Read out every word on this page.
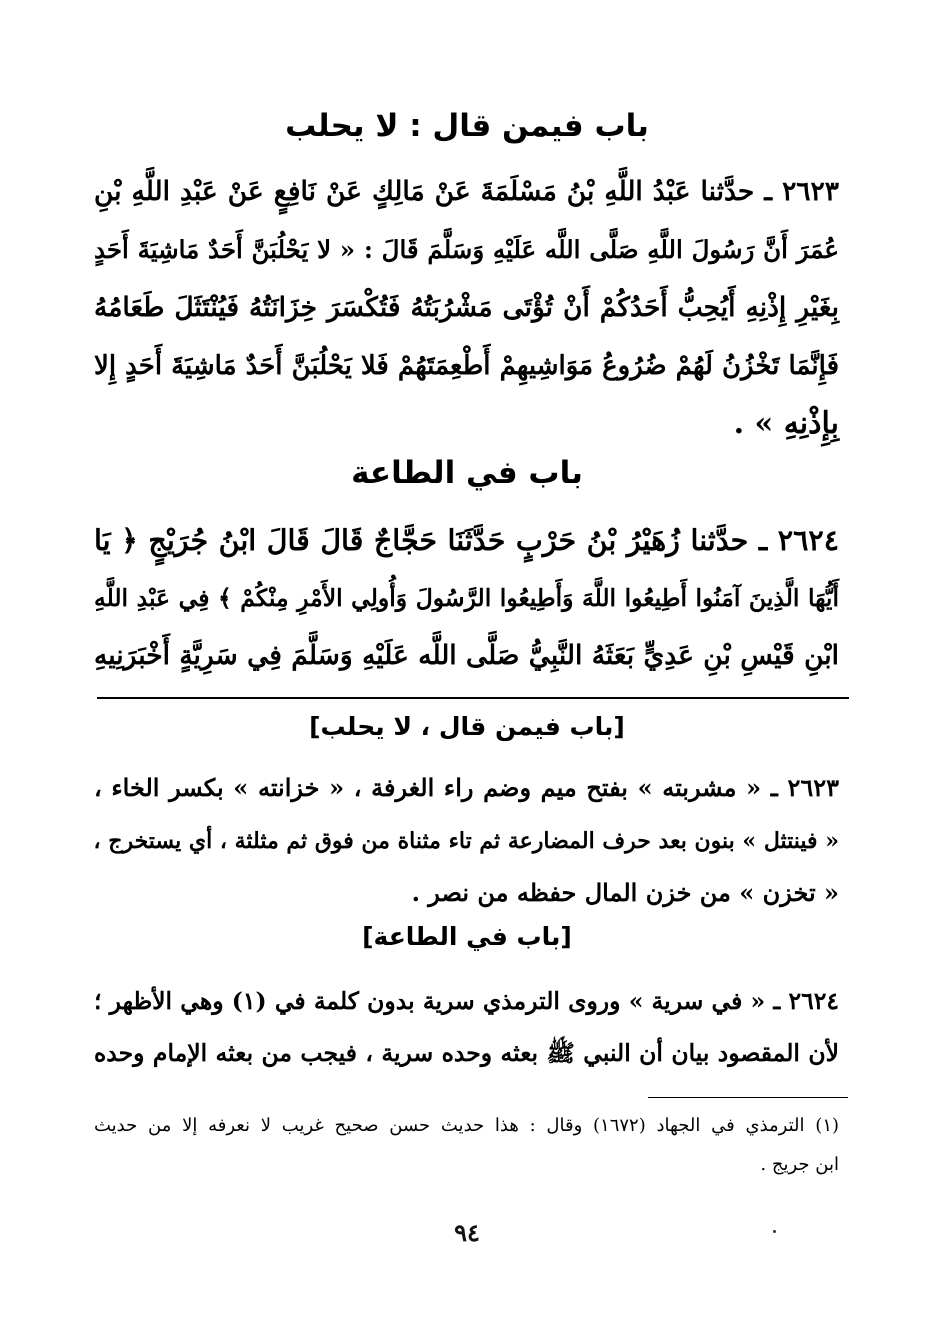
باب فيمن قال : لا يحلب
٢٦٢٣ ـ حدَّثنا عَبْدُ اللَّهِ بْنُ مَسْلَمَةَ عَنْ مَالِكٍ عَنْ نَافِعٍ عَنْ عَبْدِ اللَّهِ بْنِ
عُمَرَ أَنَّ رَسُولَ اللَّهِ صَلَّى اللَّه عَلَيْهِ وَسَلَّمَ قَالَ : « لا يَحْلُبَنَّ أَحَدٌ مَاشِيَةَ أَحَدٍ
بِغَيْرِ إِذْنِهِ أَيُحِبُّ أَحَدُكُمْ أَنْ تُؤْتَى مَشْرُبَتُهُ فَتُكْسَرَ خِزَانَتُهُ فَيُنْتَثَلَ طَعَامُهُ
فَإِنَّمَا تَخْزُنُ لَهُمْ ضُرُوعُ مَوَاشِيهِمْ أَطْعِمَتَهُمْ فَلا يَحْلُبَنَّ أَحَدٌ مَاشِيَةَ أَحَدٍ إِلا
بِإِذْنِهِ » .
باب في الطاعة
٢٦٢٤ ـ حدَّثنا زُهَيْرُ بْنُ حَرْبٍ حَدَّثَنَا حَجَّاجٌ قَالَ قَالَ ابْنُ جُرَيْجٍ ﴿ يَا
أَيُّهَا الَّذِينَ آمَنُوا أَطِيعُوا اللَّهَ وَأَطِيعُوا الرَّسُولَ وَأُولِي الأَمْرِ مِنْكُمْ ﴾ فِي عَبْدِ اللَّهِ
ابْنِ قَيْسِ بْنِ عَدِيٍّ بَعَثَهُ النَّبِيُّ صَلَّى اللَّه عَلَيْهِ وَسَلَّمَ فِي سَرِيَّةٍ أَخْبَرَنِيهِ
[باب فيمن قال ، لا يحلب]
٢٦٢٣ ـ « مشربته » بفتح ميم وضم راء الغرفة ، « خزانته » بكسر الخاء ،
« فينتثل » بنون بعد حرف المضارعة ثم تاء مثناة من فوق ثم مثلثة ، أي يستخرج ،
« تخزن » من خزن المال حفظه من نصر .
[باب في الطاعة]
٢٦٢٤ ـ « في سرية » وروى الترمذي سرية بدون كلمة في (١) وهي الأظهر ؛
لأن المقصود بيان أن النبي ﷺ بعثه وحده سرية ، فيجب من بعثه الإمام وحده
(١) الترمذي في الجهاد (١٦٧٢) وقال : هذا حديث حسن صحيح غريب لا نعرفه إلا من حديث
ابن جريج .
٩٤
